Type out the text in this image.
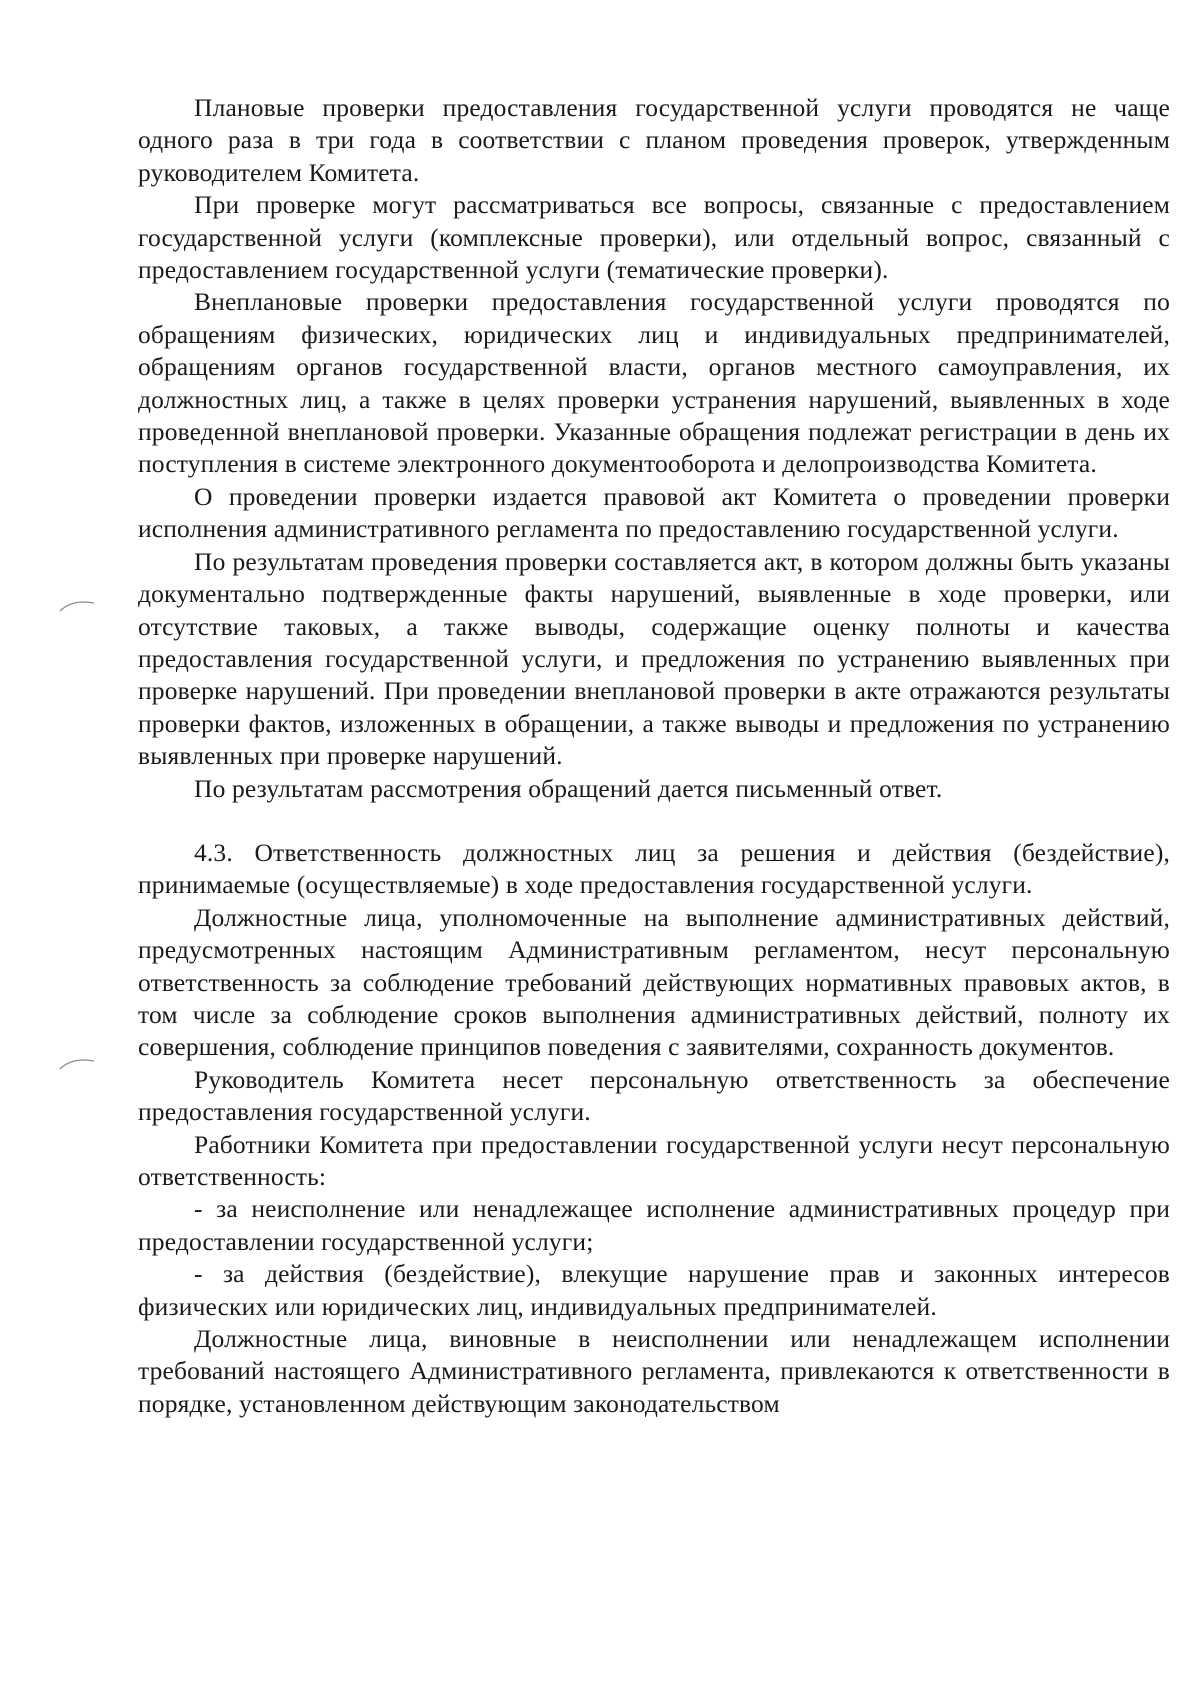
Плановые проверки предоставления государственной услуги проводятся не чаще одного раза в три года в соответствии с планом проведения проверок, утвержденным руководителем Комитета.

При проверке могут рассматриваться все вопросы, связанные с предоставлением государственной услуги (комплексные проверки), или отдельный вопрос, связанный с предоставлением государственной услуги (тематические проверки).

Внеплановые проверки предоставления государственной услуги проводятся по обращениям физических, юридических лиц и индивидуальных предпринимателей, обращениям органов государственной власти, органов местного самоуправления, их должностных лиц, а также в целях проверки устранения нарушений, выявленных в ходе проведенной внеплановой проверки. Указанные обращения подлежат регистрации в день их поступления в системе электронного документооборота и делопроизводства Комитета.

О проведении проверки издается правовой акт Комитета о проведении проверки исполнения административного регламента по предоставлению государственной услуги.

По результатам проведения проверки составляется акт, в котором должны быть указаны документально подтвержденные факты нарушений, выявленные в ходе проверки, или отсутствие таковых, а также выводы, содержащие оценку полноты и качества предоставления государственной услуги, и предложения по устранению выявленных при проверке нарушений. При проведении внеплановой проверки в акте отражаются результаты проверки фактов, изложенных в обращении, а также выводы и предложения по устранению выявленных при проверке нарушений.

По результатам рассмотрения обращений дается письменный ответ.

4.3. Ответственность должностных лиц за решения и действия (бездействие), принимаемые (осуществляемые) в ходе предоставления государственной услуги.

Должностные лица, уполномоченные на выполнение административных действий, предусмотренных настоящим Административным регламентом, несут персональную ответственность за соблюдение требований действующих нормативных правовых актов, в том числе за соблюдение сроков выполнения административных действий, полноту их совершения, соблюдение принципов поведения с заявителями, сохранность документов.

Руководитель Комитета несет персональную ответственность за обеспечение предоставления государственной услуги.

Работники Комитета при предоставлении государственной услуги несут персональную ответственность:

- за неисполнение или ненадлежащее исполнение административных процедур при предоставлении государственной услуги;

- за действия (бездействие), влекущие нарушение прав и законных интересов физических или юридических лиц, индивидуальных предпринимателей.

Должностные лица, виновные в неисполнении или ненадлежащем исполнении требований настоящего Административного регламента, привлекаются к ответственности в порядке, установленном действующим законодательством
